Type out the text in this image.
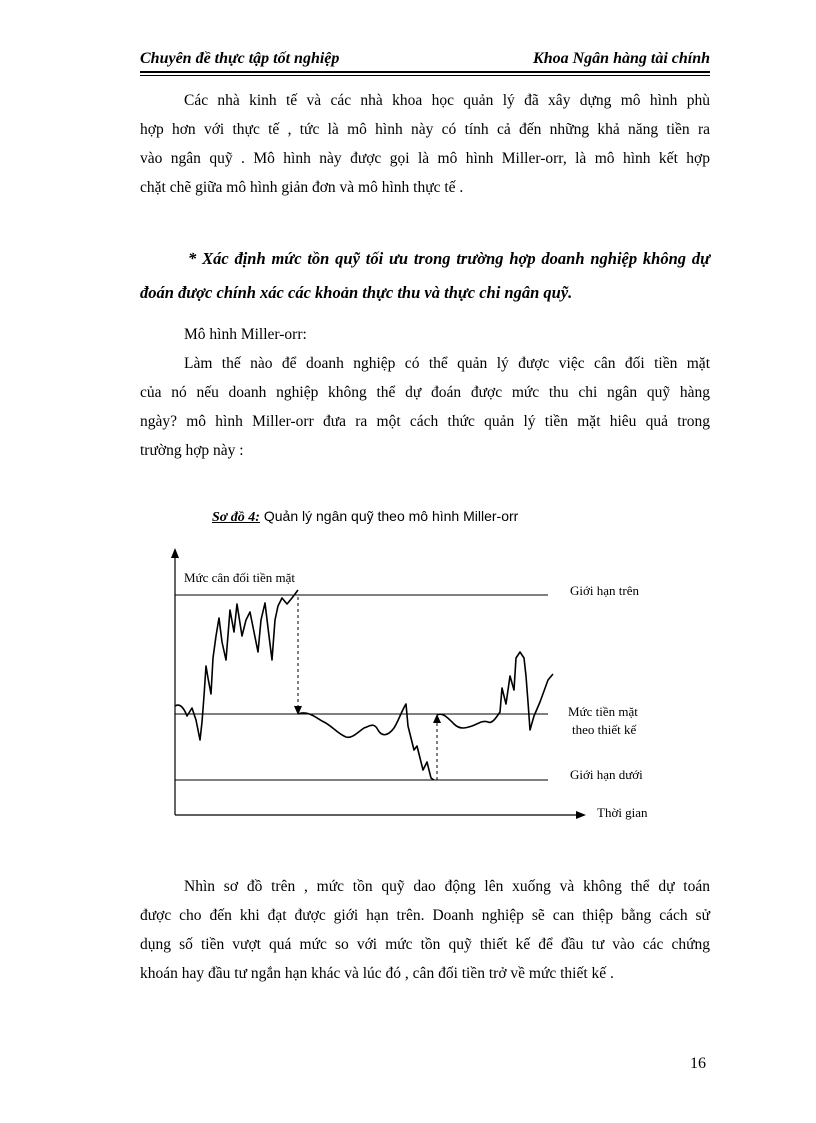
Chuyên đề thực tập tốt nghiệp	Khoa Ngân hàng tài chính
Các nhà kinh tế và các nhà khoa học quản lý đã xây dựng mô hình phù
hợp hơn với thực tế , tức là mô hình này có tính cả đến những khả năng tiền ra
vào ngân quỹ . Mô hình này được gọi là mô hình Miller-orr, là mô hình kết hợp
chặt chẽ giữa mô hình giản đơn và mô hình thực tế .
* Xác định mức tồn quỹ tối ưu trong trường hợp doanh nghiệp không dự
đoán được chính xác các khoản thực thu và thực chi ngân quỹ.
Mô hình Miller-orr:
Làm thế nào để doanh nghiệp có thể quản lý được việc cân đối tiền mặt
của nó nếu doanh nghiệp không thể dự đoán được mức thu chi ngân quỹ hàng
ngày? mô hình Miller-orr đưa ra một cách thức quản lý tiền mặt hiêu quả trong
trường hợp này :
Sơ đồ 4: Quản lý ngân quỹ theo mô hình Miller-orr
Mức cân đối tiền mặt
Giới hạn trên
Mức tiền mặt
theo thiết kế
Giới hạn dưới
Thời gian
Nhìn sơ đồ trên , mức tồn quỹ dao động lên xuống và không thể dự toán
được cho đến khi đạt được giới hạn trên. Doanh nghiệp sẽ can thiệp bằng cách sử
dụng số tiền vượt quá mức so với mức tồn quỹ thiết kế để đầu tư vào các chứng
khoán hay đầu tư ngắn hạn khác và lúc đó , cân đối tiền trở về mức thiết kế .
16
